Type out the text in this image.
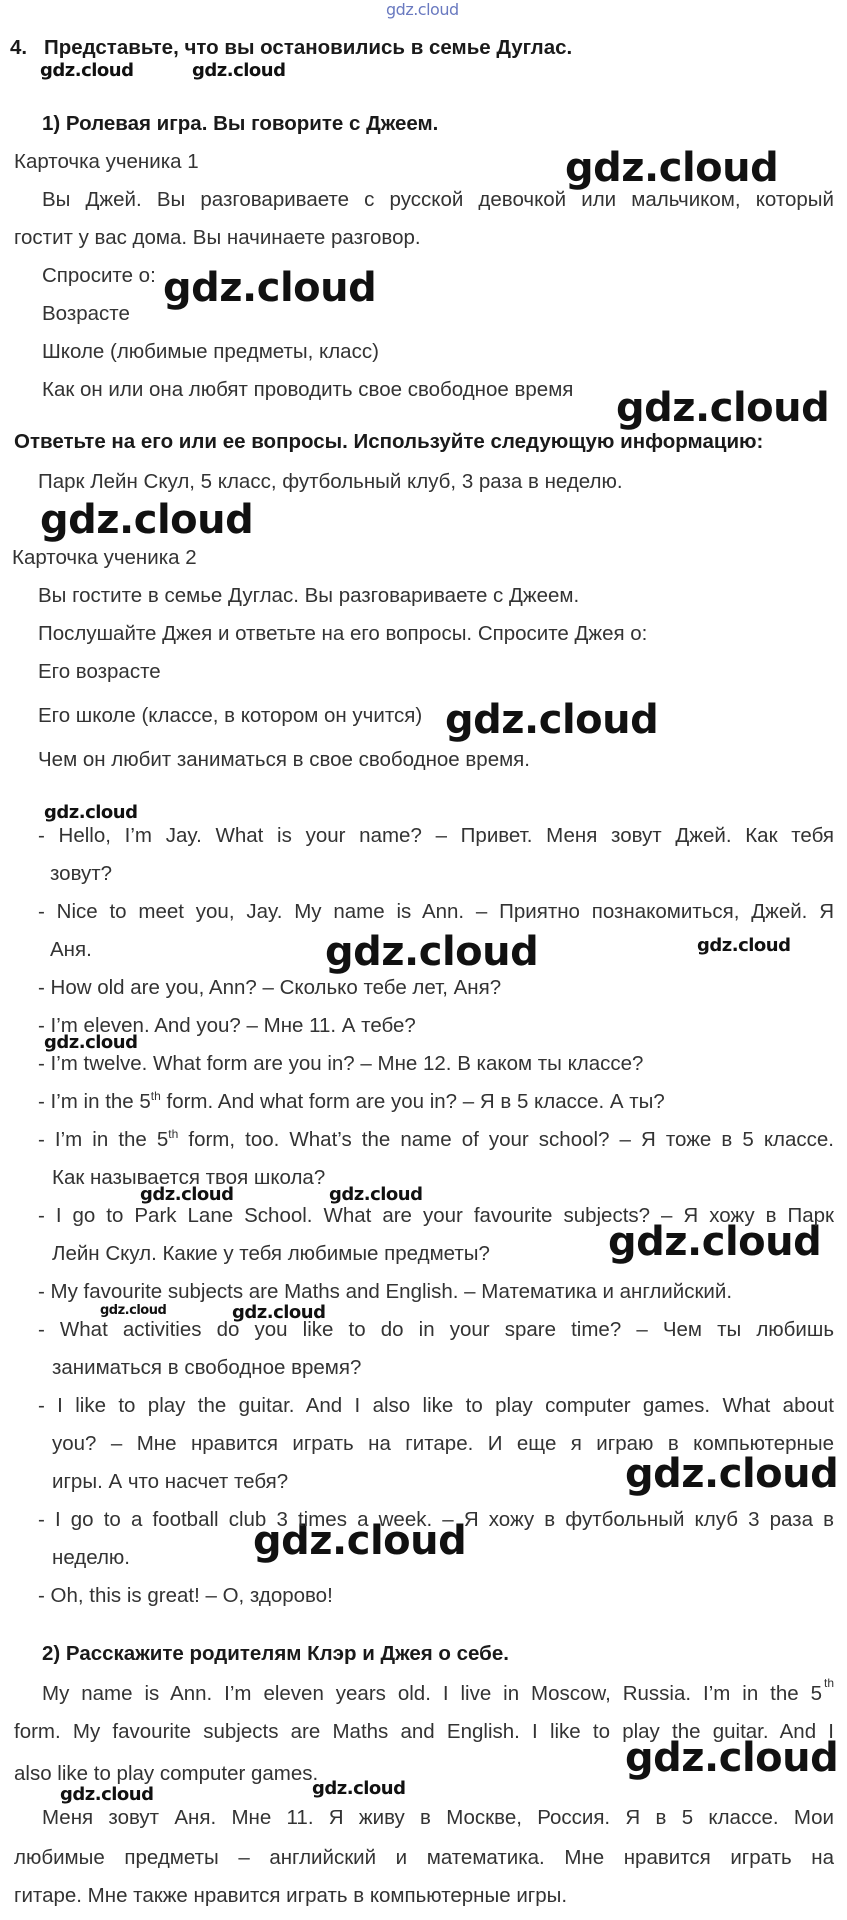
gdz.cloud
gdz.cloud	gdz.cloud
gdz.cloud
gdz.cloud
gdz.cloud
gdz.cloud
gdz.cloud
gdz.cloud
gdz.cloud	gdz.cloud
gdz.cloud
gdz.cloud	gdz.cloud
gdz.cloud
gdz.cloud	gdz.cloud
gdz.cloud
gdz.cloud
gdz.cloud
gdz.cloud	gdz.cloud

4. Представьте, что вы остановились в семье Дуглас.

1) Ролевая игра. Вы говорите с Джеем.

Карточка ученика 1

Вы Джей. Вы разговариваете с русской девочкой или мальчиком, который

гостит у вас дома. Вы начинаете разговор.

Спросите о:

Возрасте

Школе (любимые предметы, класс)

Как он или она любят проводить свое свободное время

Ответьте на его или ее вопросы. Используйте следующую информацию:

Парк Лейн Скул, 5 класс, футбольный клуб, 3 раза в неделю.

Карточка ученика 2

Вы гостите в семье Дуглас. Вы разговариваете с Джеем.

Послушайте Джея и ответьте на его вопросы. Спросите Джея о:

Его возрасте

Его школе (классе, в котором он учится)

Чем он любит заниматься в свое свободное время.

- Hello, I’m Jay. What is your name? – Привет. Меня зовут Джей. Как тебя

зовут?

- Nice to meet you, Jay. My name is Ann. – Приятно познакомиться, Джей. Я

Аня.

- How old are you, Ann? – Сколько тебе лет, Аня?

- I’m eleven. And you? – Мне 11. А тебе?

- I’m twelve. What form are you in? – Мне 12. В каком ты классе?

- I’m in the 5th form. And what form are you in? – Я в 5 классе. А ты?

- I’m in the 5th form, too. What’s the name of your school? – Я тоже в 5 классе.

Как называется твоя школа?

- I go to Park Lane School. What are your favourite subjects? – Я хожу в Парк

Лейн Скул. Какие у тебя любимые предметы?

- My favourite subjects are Maths and English. – Математика и английский.

- What activities do you like to do in your spare time? – Чем ты любишь

заниматься в свободное время?

- I like to play the guitar. And I also like to play computer games. What about

you? – Мне нравится играть на гитаре. И еще я играю в компьютерные

игры. А что насчет тебя?

- I go to a football club 3 times a week. – Я хожу в футбольный клуб 3 раза в

неделю.

- Oh, this is great! – О, здорово!

2) Расскажите родителям Клэр и Джея о себе.

My name is Ann. I’m eleven years old. I live in Moscow, Russia. I’m in the 5 th

form. My favourite subjects are Maths and English. I like to play the guitar. And I

also like to play computer games.

Меня зовут Аня. Мне 11. Я живу в Москве, Россия. Я в 5 классе. Мои

любимые предметы – английский и математика. Мне нравится играть на

гитаре. Мне также нравится играть в компьютерные игры.
